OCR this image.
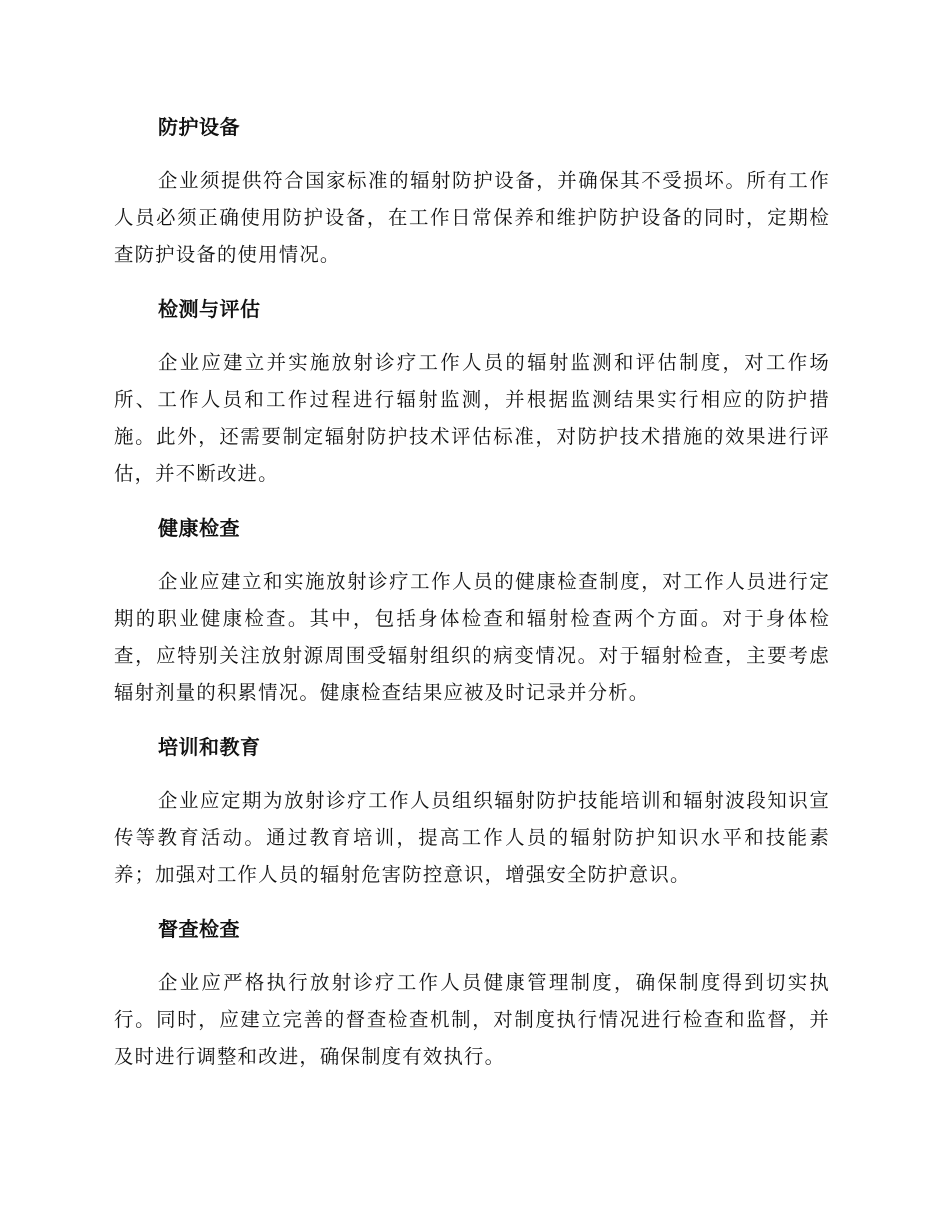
防护设备

企业须提供符合国家标准的辐射防护设备，并确保其不受损坏。所有工作人员必须正确使用防护设备，在工作日常保养和维护防护设备的同时，定期检查防护设备的使用情况。

检测与评估

企业应建立并实施放射诊疗工作人员的辐射监测和评估制度，对工作场所、工作人员和工作过程进行辐射监测，并根据监测结果实行相应的防护措施。此外，还需要制定辐射防护技术评估标准，对防护技术措施的效果进行评估，并不断改进。

健康检查

企业应建立和实施放射诊疗工作人员的健康检查制度，对工作人员进行定期的职业健康检查。其中，包括身体检查和辐射检查两个方面。对于身体检查，应特别关注放射源周围受辐射组织的病变情况。对于辐射检查，主要考虑辐射剂量的积累情况。健康检查结果应被及时记录并分析。

培训和教育

企业应定期为放射诊疗工作人员组织辐射防护技能培训和辐射波段知识宣传等教育活动。通过教育培训，提高工作人员的辐射防护知识水平和技能素养；加强对工作人员的辐射危害防控意识，增强安全防护意识。

督查检查

企业应严格执行放射诊疗工作人员健康管理制度，确保制度得到切实执行。同时，应建立完善的督查检查机制，对制度执行情况进行检查和监督，并及时进行调整和改进，确保制度有效执行。
